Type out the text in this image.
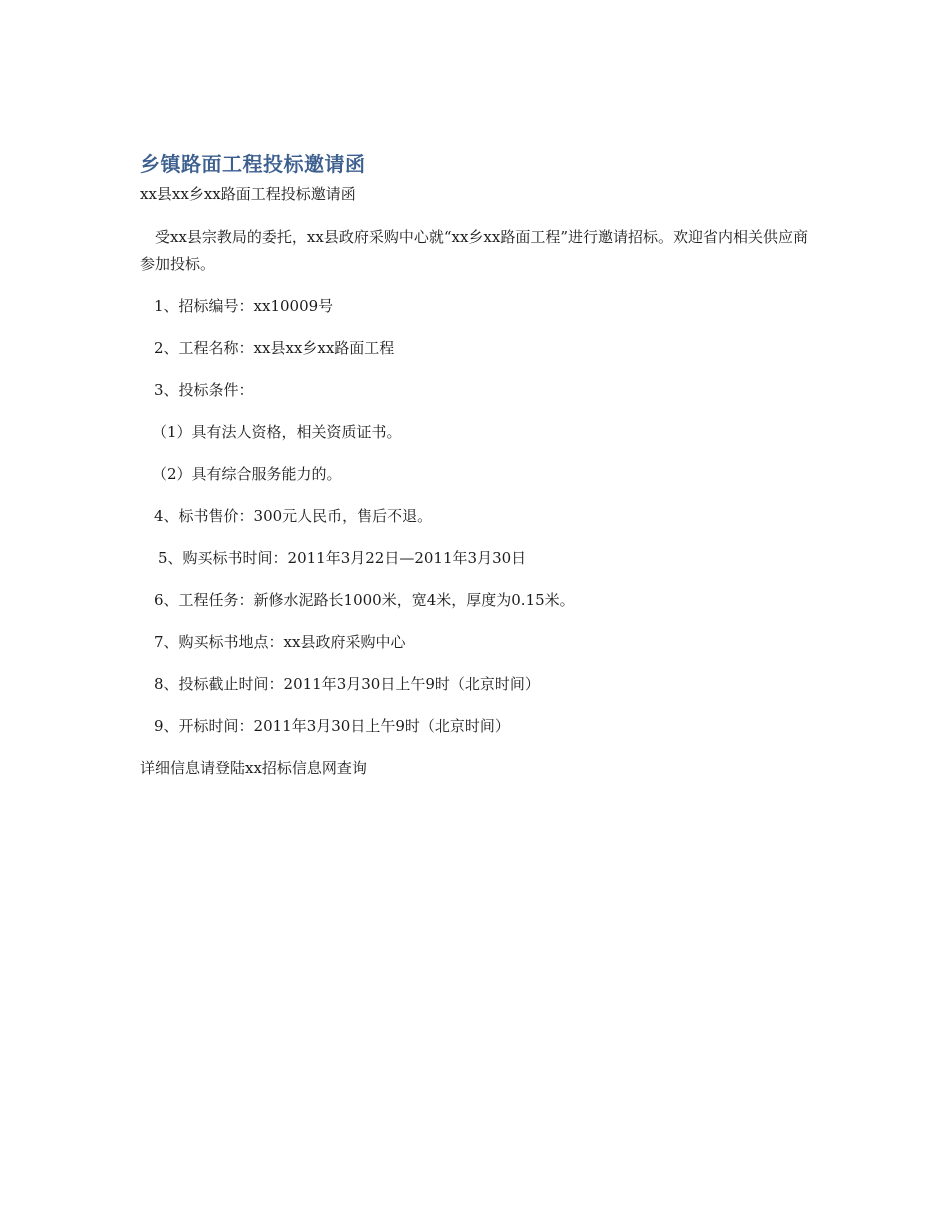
乡镇路面工程投标邀请函

xx县xx乡xx路面工程投标邀请函

受xx县宗教局的委托，xx县政府采购中心就“xx乡xx路面工程”进行邀请招标。欢迎省内相关供应商参加投标。

1、招标编号：xx10009号

2、工程名称：xx县xx乡xx路面工程

3、投标条件：

（1）具有法人资格，相关资质证书。

（2）具有综合服务能力的。

4、标书售价：300元人民币，售后不退。

5、购买标书时间：2011年3月22日—2011年3月30日

6、工程任务：新修水泥路长1000米，宽4米，厚度为0.15米。

7、购买标书地点：xx县政府采购中心

8、投标截止时间：2011年3月30日上午9时（北京时间）

9、开标时间：2011年3月30日上午9时（北京时间）

详细信息请登陆xx招标信息网查询
